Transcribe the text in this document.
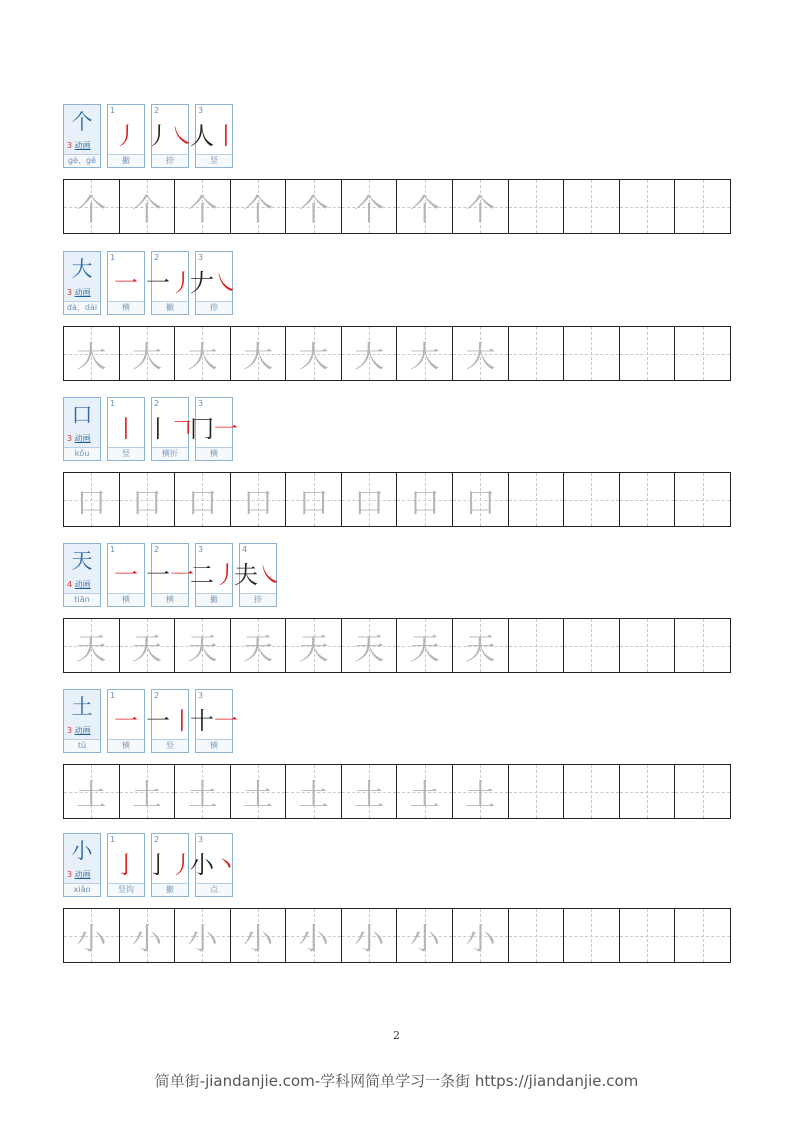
个
3 动画
gè、gě
1
丿
撇
2
丿 ㇏
捺
3
人 丨
竖
个 个 个 个 个 个 个 个
大
3 动画
dà、dài
1
一
横
2
一 丿
撇
3
𠂇 ㇏
捺
大 大 大 大 大 大 大 大
口
3 动画
kǒu
1
丨
竖
2
丨 𠃍
横折
3
冂 一
横
口 口 口 口 口 口 口 口
天
4 动画
tiān
1
一
横
2
一 一
横
3
二 丿
撇
4
夫 ㇏
捺
天 天 天 天 天 天 天 天
土
3 动画
tǔ
1
一
横
2
一 丨
竖
3
十 一
横
土 土 土 土 土 土 土 土
小
3 动画
xiǎo
1
亅
竖钩
2
亅 丿
撇
3
小 丶
点
小 小 小 小 小 小 小 小
2
简单街-jiandanjie.com-学科网简单学习一条街 https://jiandanjie.com
